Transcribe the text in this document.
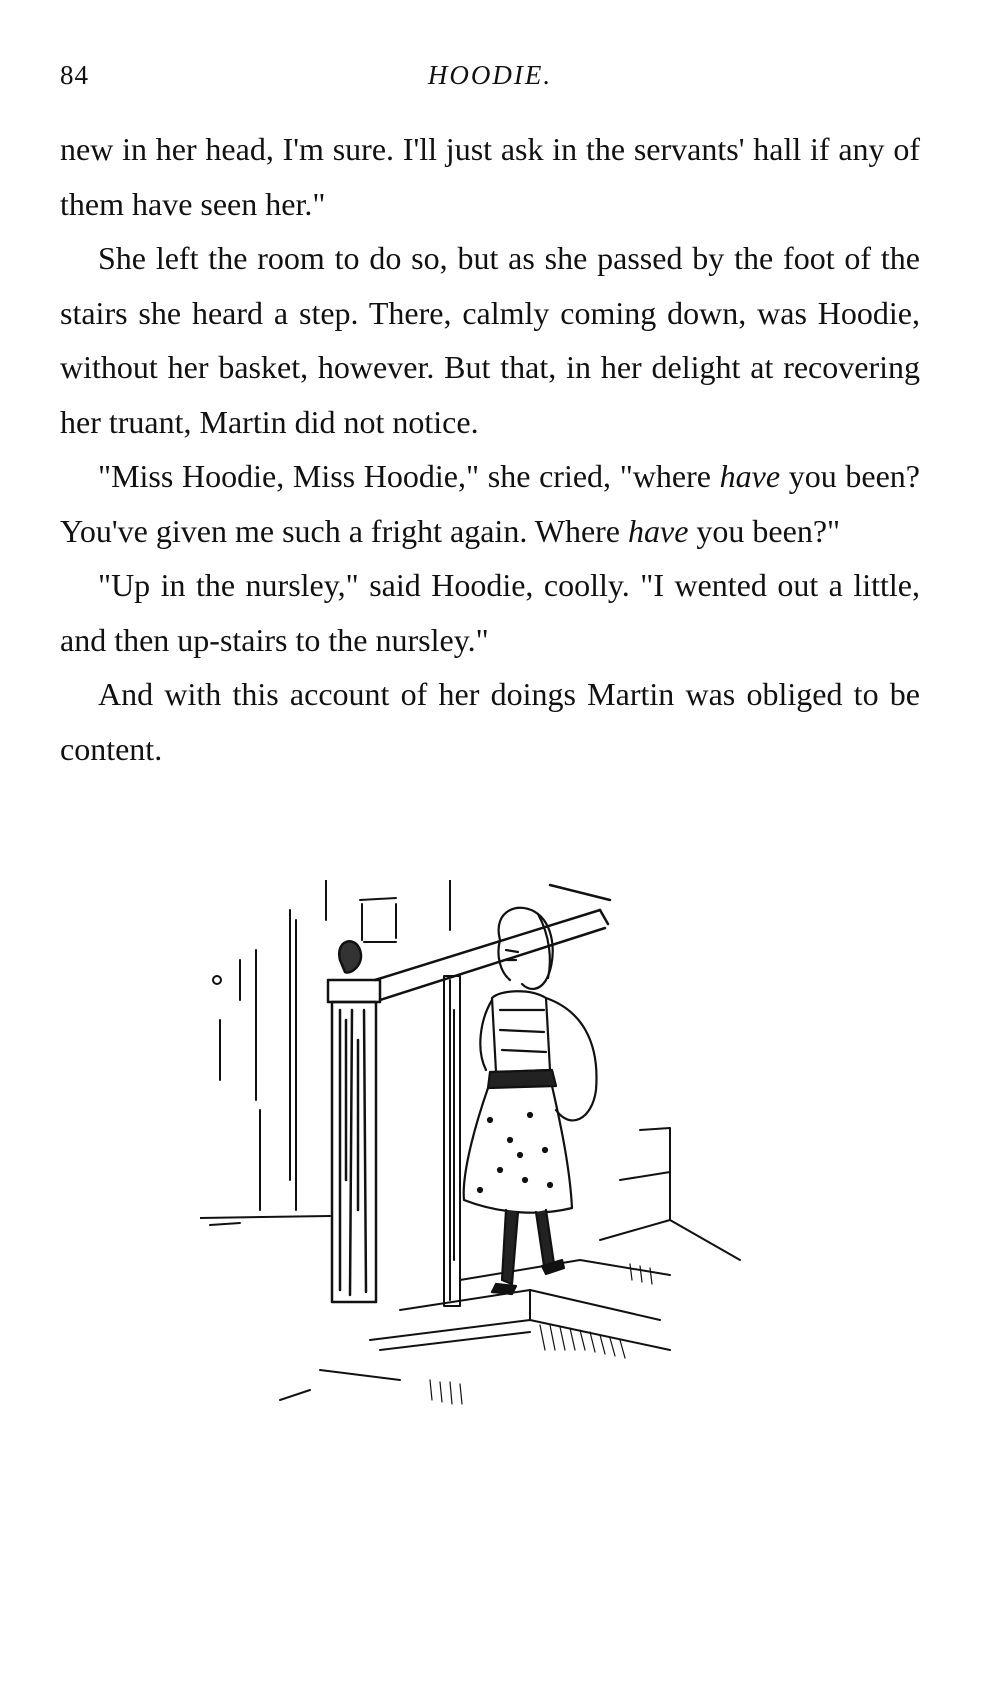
84	HOODIE.

new in her head, I'm sure. I'll just ask in the servants' hall if any of them have seen her."

She left the room to do so, but as she passed by the foot of the stairs she heard a step. There, calmly coming down, was Hoodie, without her basket, however. But that, in her delight at recovering her truant, Martin did not notice.

"Miss Hoodie, Miss Hoodie," she cried, "where have you been? You've given me such a fright again. Where have you been?"

"Up in the nursley," said Hoodie, coolly. "I wented out a little, and then up-stairs to the nursley."

And with this account of her doings Martin was obliged to be content.
